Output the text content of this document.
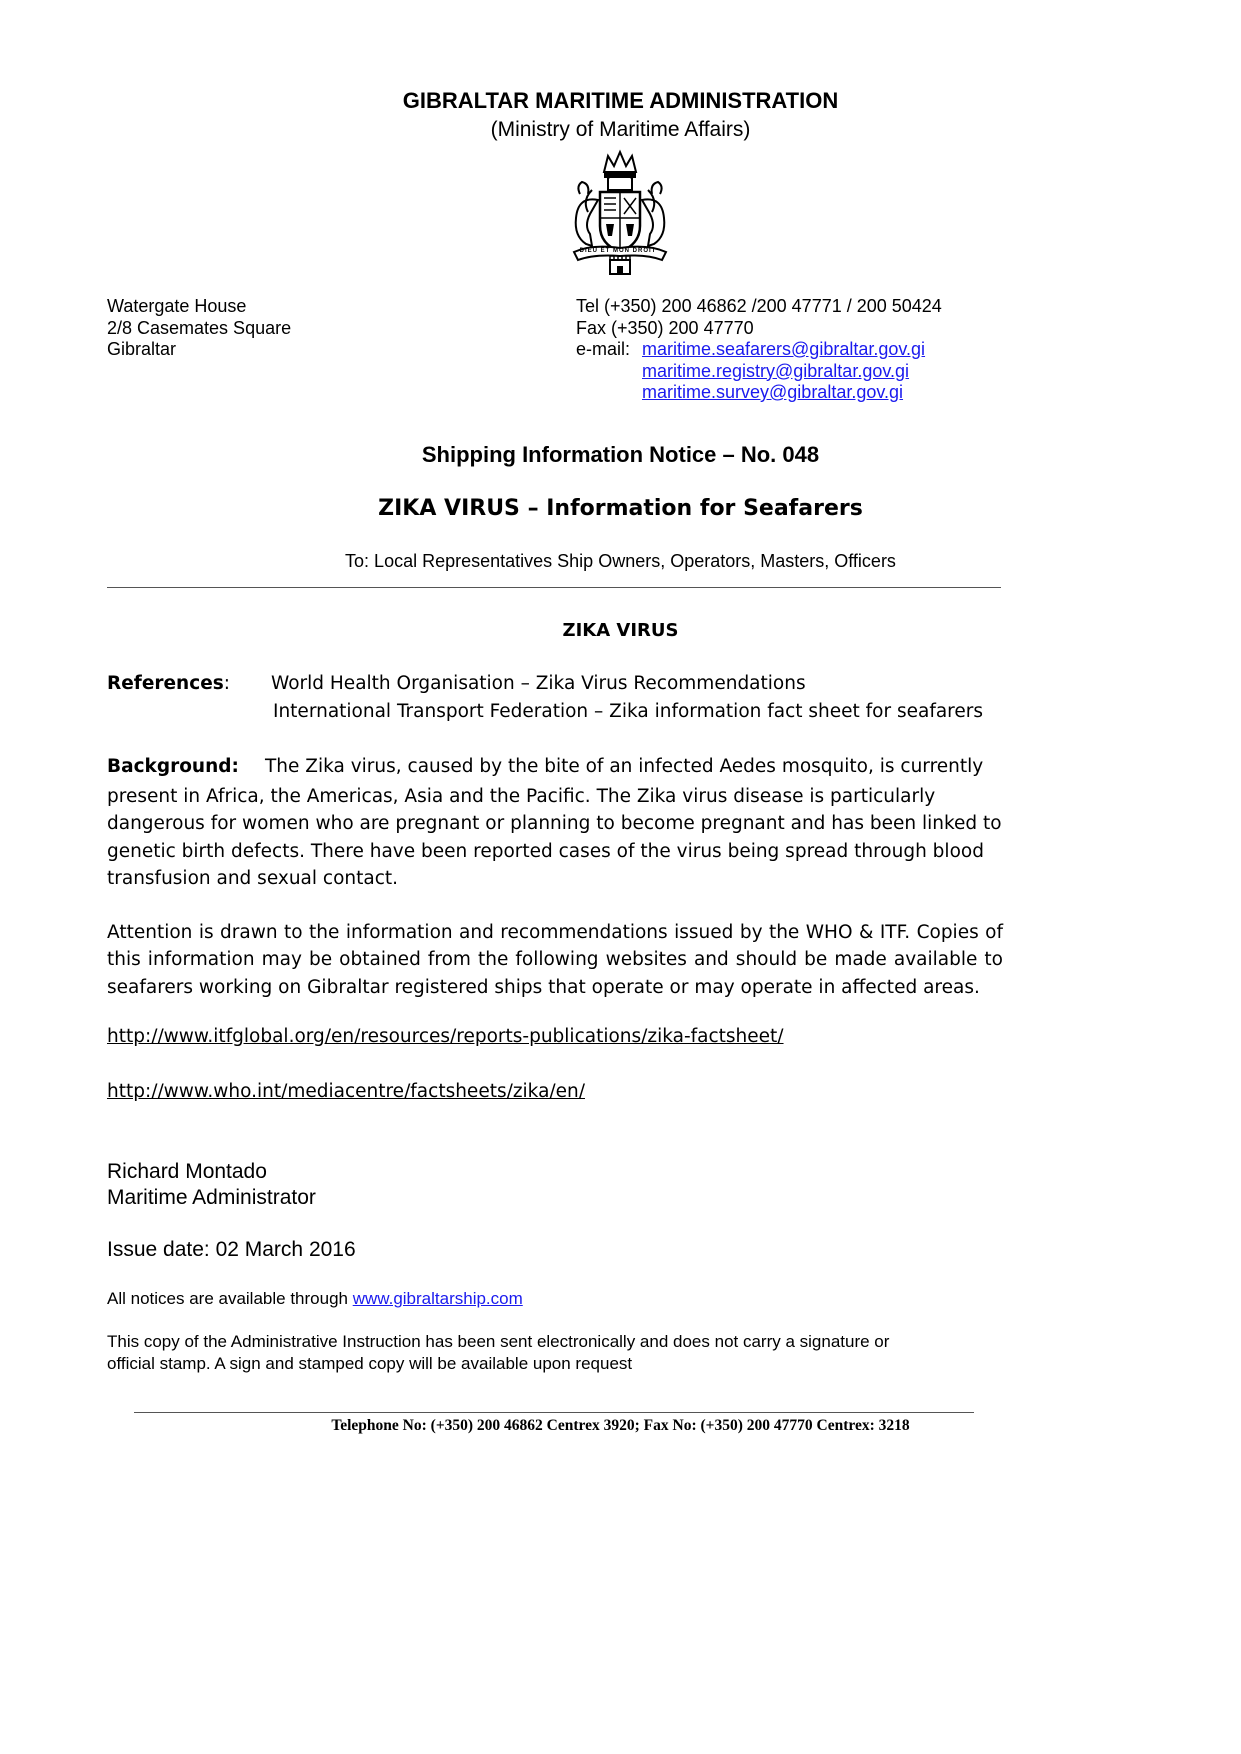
GIBRALTAR MARITIME ADMINISTRATION
(Ministry of Maritime Affairs)
DIEU ET MON DROIT
Watergate House
2/8 Casemates Square
Gibraltar
Tel (+350) 200 46862 /200 47771 / 200 50424
Fax (+350) 200 47770
e-mail: maritime.seafarers@gibraltar.gov.gi
maritime.registry@gibraltar.gov.gi
maritime.survey@gibraltar.gov.gi
Shipping Information Notice – No. 048
ZIKA VIRUS – Information for Seafarers
To: Local Representatives Ship Owners, Operators, Masters, Officers
ZIKA VIRUS
References: World Health Organisation – Zika Virus Recommendations
International Transport Federation – Zika information fact sheet for seafarers
Background: The Zika virus, caused by the bite of an infected Aedes mosquito, is currently
present in Africa, the Americas, Asia and the Pacific. The Zika virus disease is particularly
dangerous for women who are pregnant or planning to become pregnant and has been linked to
genetic birth defects. There have been reported cases of the virus being spread through blood
transfusion and sexual contact.
Attention is drawn to the information and recommendations issued by the WHO & ITF. Copies of
this information may be obtained from the following websites and should be made available to
seafarers working on Gibraltar registered ships that operate or may operate in affected areas.
http://www.itfglobal.org/en/resources/reports-publications/zika-factsheet/
http://www.who.int/mediacentre/factsheets/zika/en/
Richard Montado
Maritime Administrator
Issue date: 02 March 2016
All notices are available through www.gibraltarship.com
This copy of the Administrative Instruction has been sent electronically and does not carry a signature or
official stamp. A sign and stamped copy will be available upon request
Telephone No: (+350) 200 46862 Centrex 3920; Fax No: (+350) 200 47770 Centrex: 3218
